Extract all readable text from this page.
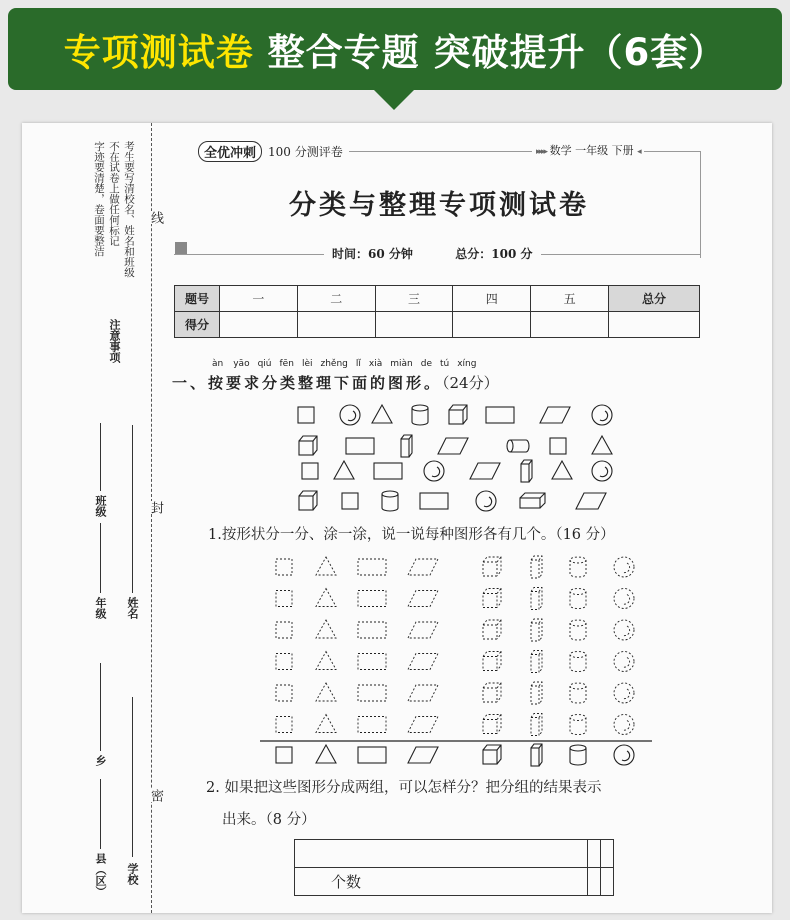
专项测试卷 整合专题 突破提升（6套）
考生要写清校名、姓名和班级
不在试卷上做任何标记
字迹要清楚，卷面要整洁
注意事项
线
封
密
班级
姓名
年级
乡
学校
县（区）
全优冲刺	100 分测评卷	▸▸▸▸ 数学 一年级 下册 ◂
分类与整理专项测试卷
时间：60 分钟	总分：100 分
题号	一	二	三	四	五	总分
得分						
àn yāo qiú fēn lèi zhěng lǐ xià miàn de tú xíng
一、按要求分类整理下面的图形。（24分）
1.按形状分一分、涂一涂，说一说每种图形各有几个。（16 分）
2. 如果把这些图形分成两组，可以怎样分？把分组的结果表示
出来。（8 分）

个数		
